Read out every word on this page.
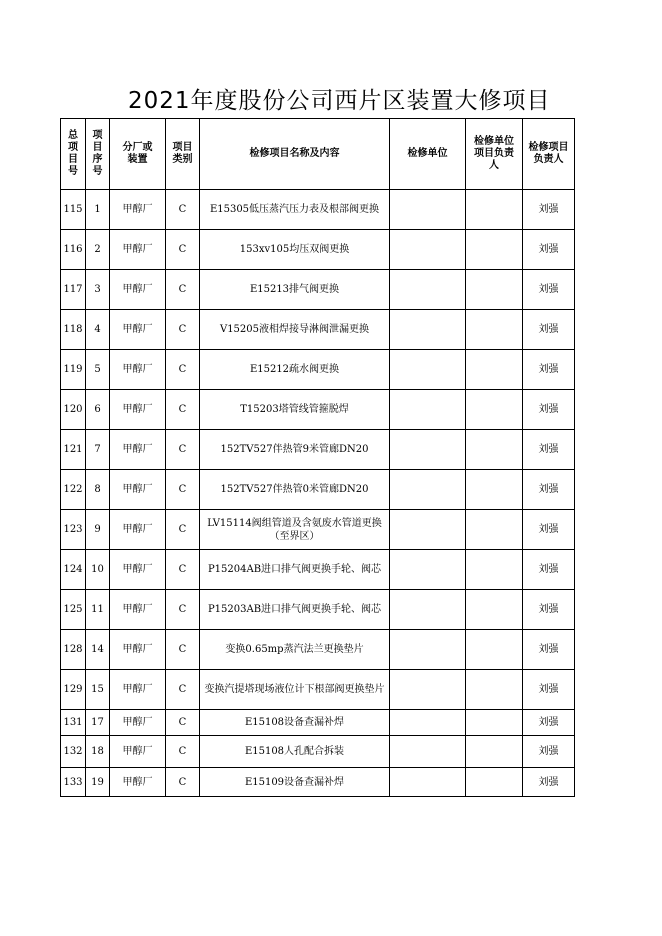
2021年度股份公司西片区装置大修项目
总项目号	项目序号	分厂或装置	项目类别	检修项目名称及内容	检修单位	检修单位项目负责人	检修项目负责人
115	1	甲醇厂	C	E15305低压蒸汽压力表及根部阀更换			刘强
116	2	甲醇厂	C	153xv105均压双阀更换			刘强
117	3	甲醇厂	C	E15213排气阀更换			刘强
118	4	甲醇厂	C	V15205液相焊接导淋阀泄漏更换			刘强
119	5	甲醇厂	C	E15212疏水阀更换			刘强
120	6	甲醇厂	C	T15203塔管线管箍脱焊			刘强
121	7	甲醇厂	C	152TV527伴热管9米管廊DN20			刘强
122	8	甲醇厂	C	152TV527伴热管0米管廊DN20			刘强
123	9	甲醇厂	C	LV15114阀组管道及含氨废水管道更换（至界区）			刘强
124	10	甲醇厂	C	P15204AB进口排气阀更换手轮、阀芯			刘强
125	11	甲醇厂	C	P15203AB进口排气阀更换手轮、阀芯			刘强
128	14	甲醇厂	C	变换0.65mp蒸汽法兰更换垫片			刘强
129	15	甲醇厂	C	变换汽提塔现场液位计下根部阀更换垫片			刘强
131	17	甲醇厂	C	E15108设备查漏补焊			刘强
132	18	甲醇厂	C	E15108人孔配合拆装			刘强
133	19	甲醇厂	C	E15109设备查漏补焊			刘强
